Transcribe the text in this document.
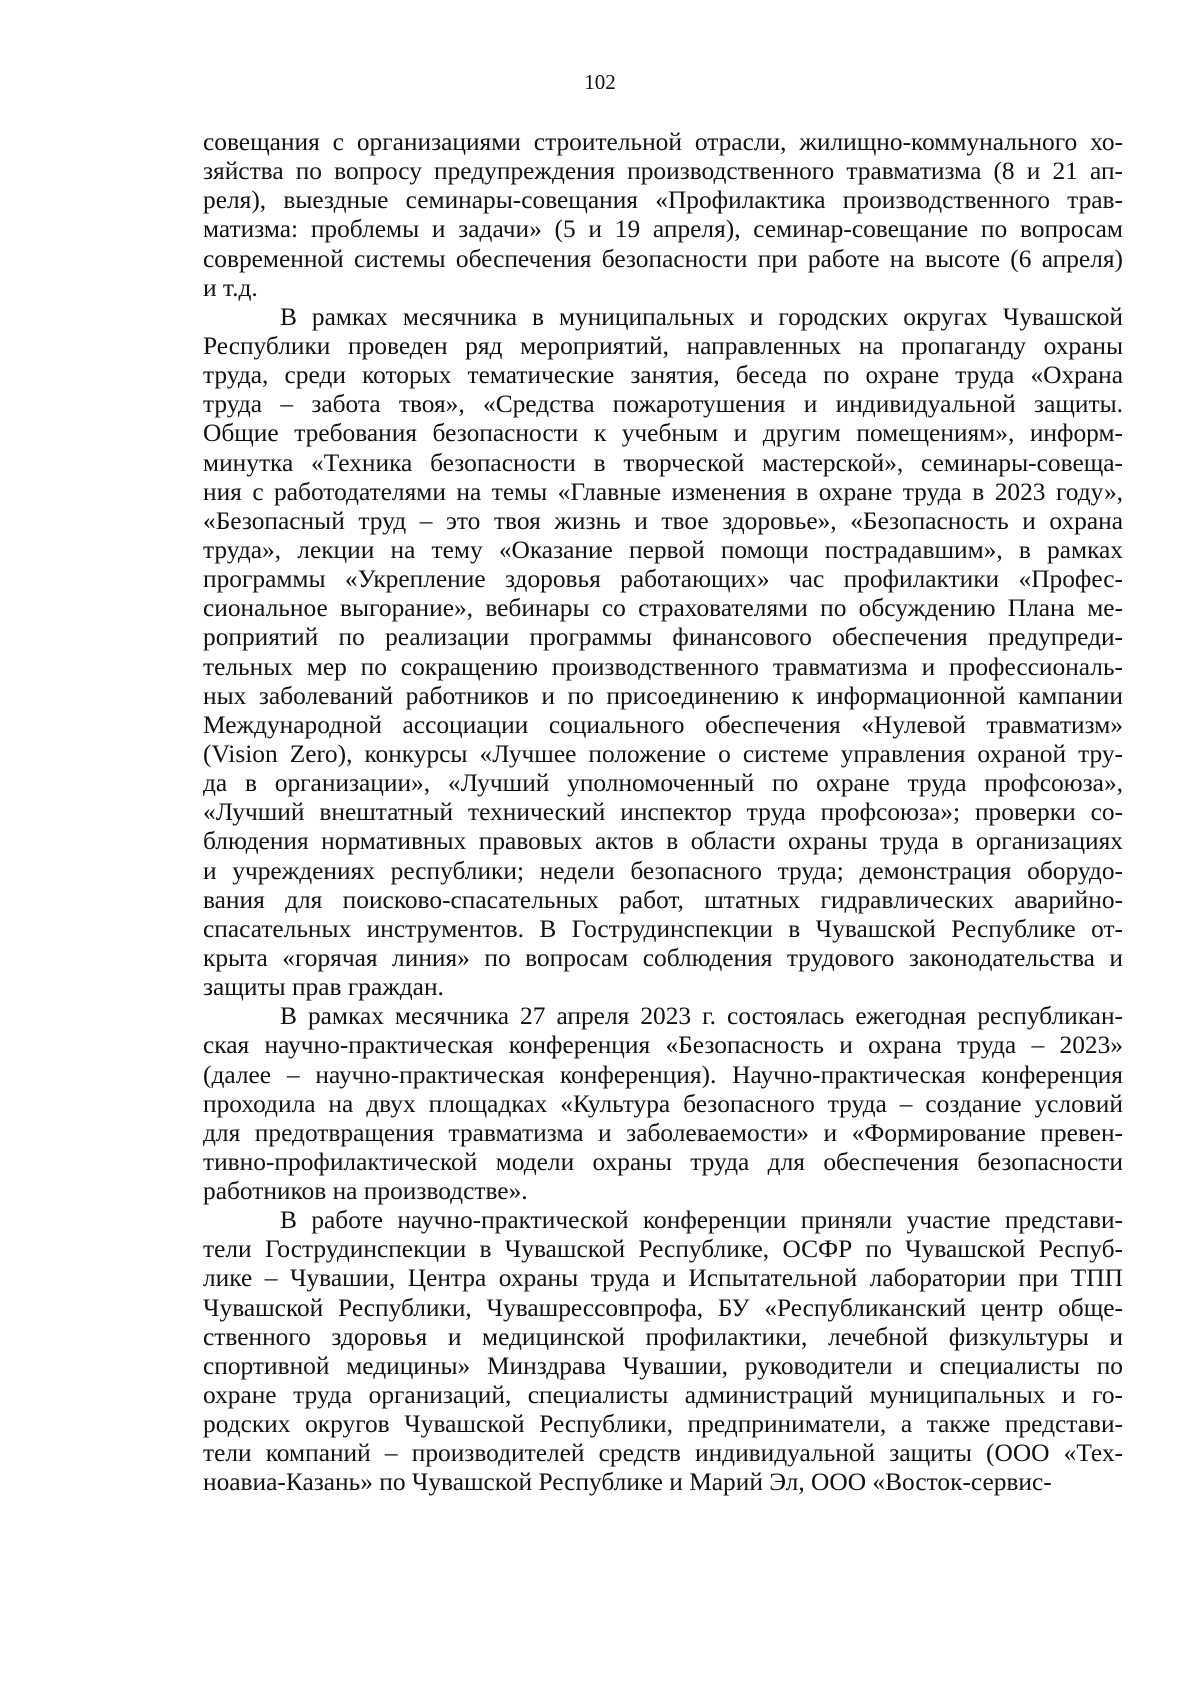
102
совещания с организациями строительной отрасли, жилищно-коммунального хо-
зяйства по вопросу предупреждения производственного травматизма (8 и 21 ап-
реля), выездные семинары-совещания «Профилактика производственного трав-
матизма: проблемы и задачи» (5 и 19 апреля), семинар-совещание по вопросам
современной системы обеспечения безопасности при работе на высоте (6 апреля)
и т.д.
В рамках месячника в муниципальных и городских округах Чувашской
Республики проведен ряд мероприятий, направленных на пропаганду охраны
труда, среди которых тематические занятия, беседа по охране труда «Охрана
труда – забота твоя», «Средства пожаротушения и индивидуальной защиты.
Общие требования безопасности к учебным и другим помещениям», информ-
минутка «Техника безопасности в творческой мастерской», семинары-совеща-
ния с работодателями на темы «Главные изменения в охране труда в 2023 году»,
«Безопасный труд – это твоя жизнь и твое здоровье», «Безопасность и охрана
труда», лекции на тему «Оказание первой помощи пострадавшим», в рамках
программы «Укрепление здоровья работающих» час профилактики «Профес-
сиональное выгорание», вебинары со страхователями по обсуждению Плана ме-
роприятий по реализации программы финансового обеспечения предупреди-
тельных мер по сокращению производственного травматизма и профессиональ-
ных заболеваний работников и по присоединению к информационной кампании
Международной ассоциации социального обеспечения «Нулевой травматизм»
(Vision Zero), конкурсы «Лучшее положение о системе управления охраной тру-
да в организации», «Лучший уполномоченный по охране труда профсоюза»,
«Лучший внештатный технический инспектор труда профсоюза»; проверки со-
блюдения нормативных правовых актов в области охраны труда в организациях
и учреждениях республики; недели безопасного труда; демонстрация оборудо-
вания для поисково-спасательных работ, штатных гидравлических аварийно-
спасательных инструментов. В Гострудинспекции в Чувашской Республике от-
крыта «горячая линия» по вопросам соблюдения трудового законодательства и
защиты прав граждан.
В рамках месячника 27 апреля 2023 г. состоялась ежегодная республикан-
ская научно-практическая конференция «Безопасность и охрана труда – 2023»
(далее – научно-практическая конференция). Научно-практическая конференция
проходила на двух площадках «Культура безопасного труда – создание условий
для предотвращения травматизма и заболеваемости» и «Формирование превен-
тивно-профилактической модели охраны труда для обеспечения безопасности
работников на производстве».
В работе научно-практической конференции приняли участие представи-
тели Гострудинспекции в Чувашской Республике, ОСФР по Чувашской Респуб-
лике – Чувашии, Центра охраны труда и Испытательной лаборатории при ТПП
Чувашской Республики, Чувашрессовпрофа, БУ «Республиканский центр обще-
ственного здоровья и медицинской профилактики, лечебной физкультуры и
спортивной медицины» Минздрава Чувашии, руководители и специалисты по
охране труда организаций, специалисты администраций муниципальных и го-
родских округов Чувашской Республики, предприниматели, а также представи-
тели компаний – производителей средств индивидуальной защиты (ООО «Тех-
ноавиа-Казань» по Чувашской Республике и Марий Эл, ООО «Восток-сервис-
